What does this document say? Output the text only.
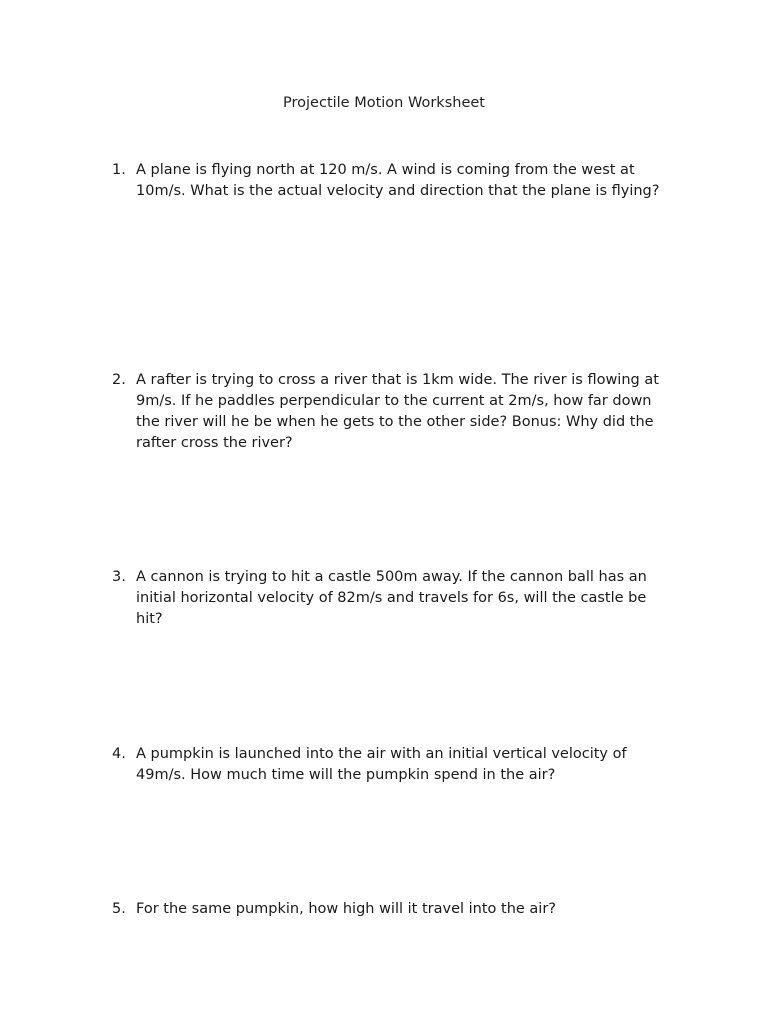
Projectile Motion Worksheet
1. A plane is flying north at 120 m/s. A wind is coming from the west at 10m/s. What is the actual velocity and direction that the plane is flying?
2. A rafter is trying to cross a river that is 1km wide. The river is flowing at 9m/s. If he paddles perpendicular to the current at 2m/s, how far down the river will he be when he gets to the other side? Bonus: Why did the rafter cross the river?
3. A cannon is trying to hit a castle 500m away. If the cannon ball has an initial horizontal velocity of 82m/s and travels for 6s, will the castle be hit?
4. A pumpkin is launched into the air with an initial vertical velocity of 49m/s. How much time will the pumpkin spend in the air?
5. For the same pumpkin, how high will it travel into the air?
